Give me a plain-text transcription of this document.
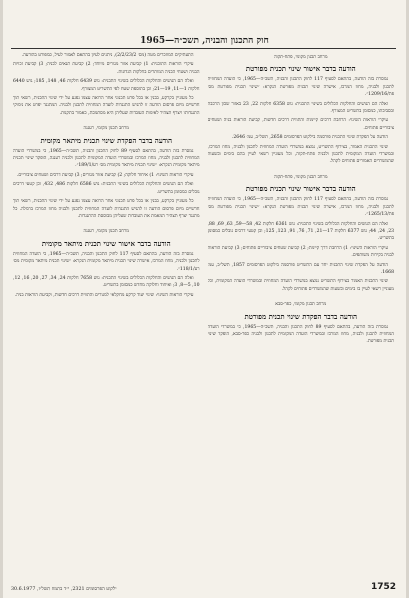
חוק התכנון והבניה, תשכ״ה—1965
מרחב תכנון מקומי, פתח-תקוה
הודעה בדבר אישור שינוי תכנית מפורטת

נמסרת בזה הודעה, בהתאם לסעיף 117 לחוק התכנון והבניה, תשכ״ה—1965, כי הועדה המחוזית לתכנון ולבניה, מחוז המרכז, אישרה שינוי תכנית מפורטת הנקרא: ״שינוי תכנית מפורטת מס׳ פת/1209/16״.

ואלה הם הגושים והחלקות הכלולים בשינוי התכנית: גוש 6358 חלקות 22, 23 באזור שכון הרכבת ובסביבתו, כמסומן בתשריט המצורף.

עיקרי הוראות השינוי: הרחבת דרכים קיימות והתווית דרכים חדשות, קביעת הוראות בניה ושטחים ציבוריים פתוחים.

הודעה על הפקדת שינוי התכנית פורסמה בילקוט הפרסומים 2658, תשל״ב, עמ׳ 2646.

שינוי התכנית האמור, בצירוף התשריט, נמצא במשרדי הועדה המחוזית לתכנון ולבניה, מחוז המרכז, ובמשרדי הועדה המקומית לתכנון ולבניה פתח-תקוה, וכל מעוניין רשאי לעיין בהם בימים ובשעות שהמשרדים האמורים פתוחים לקהל.

מרחב תכנון מקומי, פתח-תקוה
הודעה בדבר אישור שינוי תכנית מפורטת

נמסרת בזה הודעה, בהתאם לסעיף 117 לחוק התכנון והבניה, תשכ״ה—1965, כי הועדה המחוזית לתכנון ולבניה, מחוז המרכז, אישרה שינוי תכנית מפורטת הנקרא: ״שינוי תכנית מפורטת מס׳ פת/1265/13״.

ואלה הם הגושים והחלקות הכלולים בשינוי התכנית: גוש 6361 חלקות 42, 58—59, 63, 69, 88, 23, 24, 44; גוש 6377 חלקות 17—21, 71, 76, 91, 123, 125; וכן קטעי דרכים גובלים כמסומן בתשריט.

עיקרי הוראות השינוי: 1) הרחבת דרך קיימת; 2) קביעת שטחים ציבוריים פתוחים; 3) קביעת הוראות לבניה בקירות משותפים.

הודעה על הפקדת שינוי התכנית יחד עם התשריט פורסמה בילקוט הפרסומים 1857, תשל״ב, עמ׳ 1668.

שינוי התכנית האמור בצירוף התשריט נמצא במשרדי הועדה המחוזית ובמשרדי הועדה המקומית, וכל מעוניין רשאי לעיין בו בימים ובשעות שהמשרדים פתוחים לקהל.

מרחב תכנון מקומי, כפר-סבא
הודעה בדבר הפקדת שינוי תכנית מפורטת

נמסרת בזה הודעה, בהתאם לסעיף 89 לחוק התכנון והבניה, תשכ״ה—1965, כי במשרדי הועדה המחוזית לתכנון ולבניה, מחוז המרכז ובמשרדי הועדה המקומית לתכנון ולבניה כפר-סבא, הופקד שינוי תכנית מפורטת.

התעתיקים המוזכרים מטה (מס׳ 2/2/23/2), ניתנים לעיון בהתאם לאמור לעיל, כמפורט בהודעה.

עיקרי הוראות התוכנית: 1) קביעת אזור מגורים מיוחד; 2) קביעת תנאים לבניה; 3) קביעת זכויות הבניה ושטחי הבניה המותרים בחלקות הנדונות.

ואלה הם הגושים והחלקות הכלולים בשינוי התכנית: גוש 6439 חלקות 46, 148, 185; גוש 6440 חלקות 1—11, 19—21; וכן בתוספת שטח לפי התשריט המצורף.

כל מעוניין בקרקע, בבנין או בכל פרט תכנוני אחר הרואה עצמו נפגע על ידי שינוי התכנית, רשאי תוך חדשיים מיום פרסום הודעה זו להגיש התנגדות לועדה המחוזית לתכנון ולבניה. המתנגד יפרט את נימוקי התנגדותו ויצרף תצהיר לאימות העובדות שעליהן היא מסתמכת, כאמור בתקנות.

מרחב תכנון מקומי, רעננה
הודעה בדבר הפקדת שינוי תכנית מיתאר מקומית

נמסרת בזה הודעה, בהתאם לסעיף 89 לחוק התכנון והבניה, תשכ״ה—1965, כי במשרדי הועדה המחוזית לתכנון ולבניה, מחוז המרכז ובמשרדי הועדה המקומית לתכנון ולבניה רעננה, הופקד שינוי תכנית מיתאר מקומית הנקרא: ״שינוי תכנית מיתאר מקומית מס׳ רע/189/1״.

עיקרי הוראות השינוי: 1) איחוד חלוקה; 2) קביעת אזור מגורים; 3) קביעת דרכים ושטחים ציבוריים.

ואלה הם הגושים והחלקות הכלולים בשינוי התכנית: גוש 6586 חלקות 486, 432, וכן קטעי דרכים גובלים כמסומן בתשריט.

כל מעוניין בקרקע, בבנין או בכל פרט תכנוני אחר הרואה עצמו נפגע על ידי שינוי התכנית, רשאי תוך חדשיים מיום פרסום הודעה זו להגיש התנגדות לועדה המחוזית לתכנון ולבניה מחוז המרכז ברמלה. כל מתנגד יצרף תצהיר המאמת את העובדות שעליהן מבוססת ההתנגדות.

מרחב תכנון מקומי, רעננה
הודעה בדבר אישור שינוי תכנית מיתאר מקומית

נמסרת בזה הודעה, בהתאם לסעיף 117 לחוק התכנון והבניה, תשכ״ה—1965, כי הועדה המחוזית לתכנון ולבניה, מחוז המרכז, אישרה שינוי תכנית מיתאר מקומית הנקרא: ״שינוי תכנית מיתאר מקומית מס׳ רע/118/1״.

ואלה הם הגושים והחלקות הכלולים בשינוי התכנית: גוש 7658 חלקות 24, 34, 27, 20, 16, 12, 10, 5—8, 3; ואיחוד וחלוקה מחדש כמסומן בתשריט.

עיקרי הוראות השינוי: שינוי יעוד קרקע מחקלאי למגורים והתווית דרכים חדשות, וקביעת הוראות בניה.

1752
ילקוט הפרסומים 2321, י״ד בתמוז תשל״ז, 30.6.1977
